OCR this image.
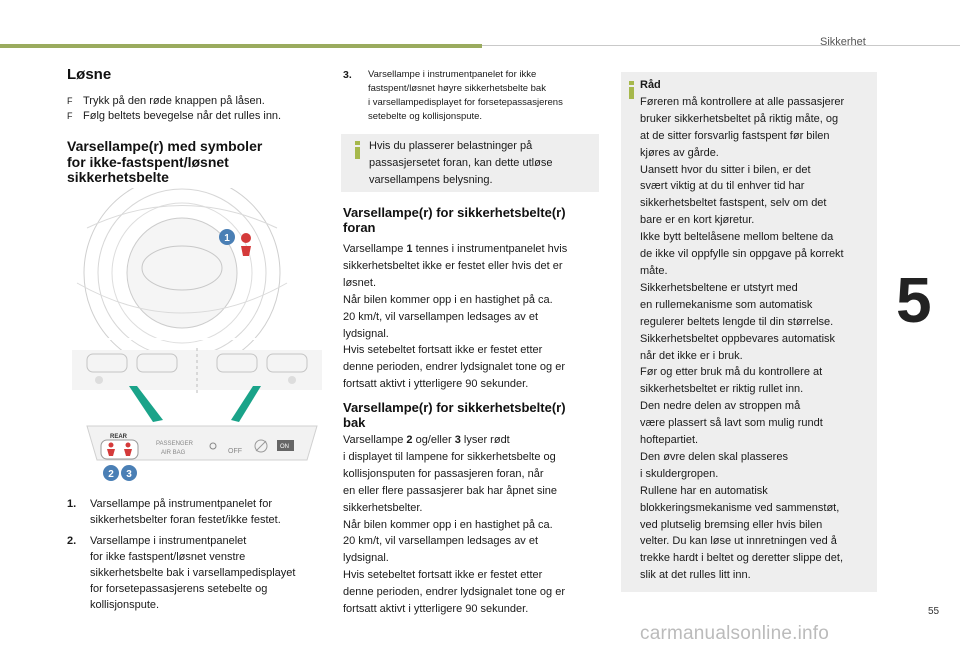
Sikkerhet
5
55
carmanualsonline.info
Løsne
F Trykk på den røde knappen på låsen.
F Følg beltets bevegelse når det rulles inn.
Varsellampe(r) med symboler
for ikke-fastspent/løsnet
sikkerhetsbelte
1
REAR
PASSENGER
AIR BAG	OFF
ON
2 3
1. Varsellampe på instrumentpanelet for
sikkerhetsbelter foran festet/ikke festet.
2. Varsellampe i instrumentpanelet
for ikke fastspent/løsnet venstre
sikkerhetsbelte bak i varsellampedisplayet
for forsetepassasjerens setebelte og
kollisjonspute.
3. Varsellampe i instrumentpanelet for ikke
fastspent/løsnet høyre sikkerhetsbelte bak
i varsellampedisplayet for forsetepassasjerens
setebelte og kollisjonspute.
Hvis du plasserer belastninger på
passasjersetet foran, kan dette utløse
varsellampens belysning.
Varsellampe(r) for sikkerhetsbelte(r)
foran

Varsellampe 1 tennes i instrumentpanelet hvis

sikkerhetsbeltet ikke er festet eller hvis det er

løsnet.

Når bilen kommer opp i en hastighet på ca.

20 km/t, vil varsellampen ledsages av et

lydsignal.

Hvis setebeltet fortsatt ikke er festet etter

denne perioden, endrer lydsignalet tone og er

fortsatt aktivt i ytterligere 90 sekunder.

Varsellampe(r) for sikkerhetsbelte(r)
bak

Varsellampe 2 og/eller 3 lyser rødt

i displayet til lampene for sikkerhetsbelte og

kollisjonsputen for passasjeren foran, når

en eller flere passasjerer bak har åpnet sine

sikkerhetsbelter.

Når bilen kommer opp i en hastighet på ca.

20 km/t, vil varsellampen ledsages av et

lydsignal.

Hvis setebeltet fortsatt ikke er festet etter

denne perioden, endrer lydsignalet tone og er

fortsatt aktivt i ytterligere 90 sekunder.

Råd

Føreren må kontrollere at alle passasjerer

bruker sikkerhetsbeltet på riktig måte, og

at de sitter forsvarlig fastspent før bilen

kjøres av gårde.

Uansett hvor du sitter i bilen, er det

svært viktig at du til enhver tid har

sikkerhetsbeltet fastspent, selv om det

bare er en kort kjøretur.

Ikke bytt beltelåsene mellom beltene da

de ikke vil oppfylle sin oppgave på korrekt

måte.

Sikkerhetsbeltene er utstyrt med

en rullemekanisme som automatisk

regulerer beltets lengde til din størrelse.

Sikkerhetsbeltet oppbevares automatisk

når det ikke er i bruk.

Før og etter bruk må du kontrollere at

sikkerhetsbeltet er riktig rullet inn.

Den nedre delen av stroppen må

være plassert så lavt som mulig rundt

hoftepartiet.

Den øvre delen skal plasseres

i skuldergropen.

Rullene har en automatisk

blokkeringsmekanisme ved sammenstøt,

ved plutselig bremsing eller hvis bilen

velter. Du kan løse ut innretningen ved å

trekke hardt i beltet og deretter slippe det,

slik at det rulles litt inn.
